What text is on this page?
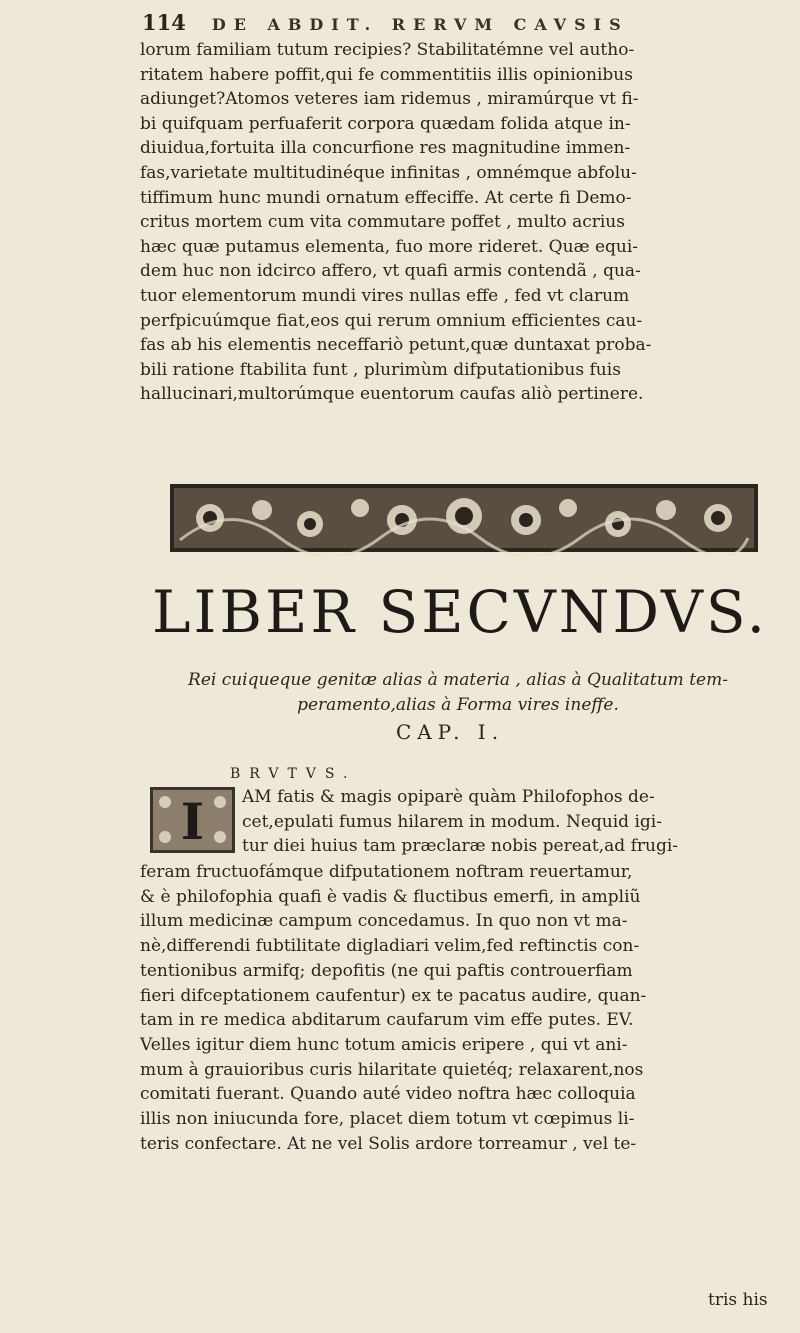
114 DE ABDIT. RERVM CAVSIS
lorum familiam tutum recipies? Stabilitatémne vel autho-
ritatem habere poffit,qui fe commentitiis illis opinionibus
adiunget?Atomos veteres iam ridemus , miramúrque vt fi-
bi quifquam perfuaferit corpora quædam folida atque in-
diuidua,fortuita illa concurfione res magnitudine immen-
fas,varietate multitudinéque infinitas , omnémque abfolu-
tiffimum hunc mundi ornatum effeciffe. At certe fi Demo-
critus mortem cum vita commutare poffet , multo acrius
hæc quæ putamus elementa, fuo more rideret. Quæ equi-
dem huc non idcirco affero, vt quafi armis contendã , qua-
tuor elementorum mundi vires nullas effe , fed vt clarum
perfpicuúmque fiat,eos qui rerum omnium efficientes cau-
fas ab his elementis neceffariò petunt,quæ duntaxat proba-
bili ratione ftabilita funt , plurimùm difputationibus fuis
hallucinari,multorúmque euentorum caufas aliò pertinere.
LIBER SECVNDVS.
Rei cuiqueque genitæ alias à materia , alias à Qualitatum tem-
peramento,alias à Forma vires ineffe.
CAP. I.
BRVTVS.
I AM fatis & magis opiparè quàm Philofophos de-
cet,epulati fumus hilarem in modum. Nequid igi-
tur diei huius tam præclaræ nobis pereat,ad frugi-
feram fructuofámque difputationem noftram reuertamur,
& è philofophia quafi è vadis & fluctibus emerfi, in ampliũ
illum medicinæ campum concedamus. In quo non vt ma-
nè,differendi fubtilitate digladiari velim,fed reftinctis con-
tentionibus armifq; depofitis (ne qui paftis controuerfiam
fieri difceptationem caufentur) ex te pacatus audire, quan-
tam in re medica abditarum caufarum vim effe putes. EV.
Velles igitur diem hunc totum amicis eripere , qui vt ani-
mum à grauioribus curis hilaritate quietéq; relaxarent,nos
comitati fuerant. Quando auté video noftra hæc colloquia
illis non iniucunda fore, placet diem totum vt cœpimus li-
teris confectare. At ne vel Solis ardore torreamur , vel te-
tris his
